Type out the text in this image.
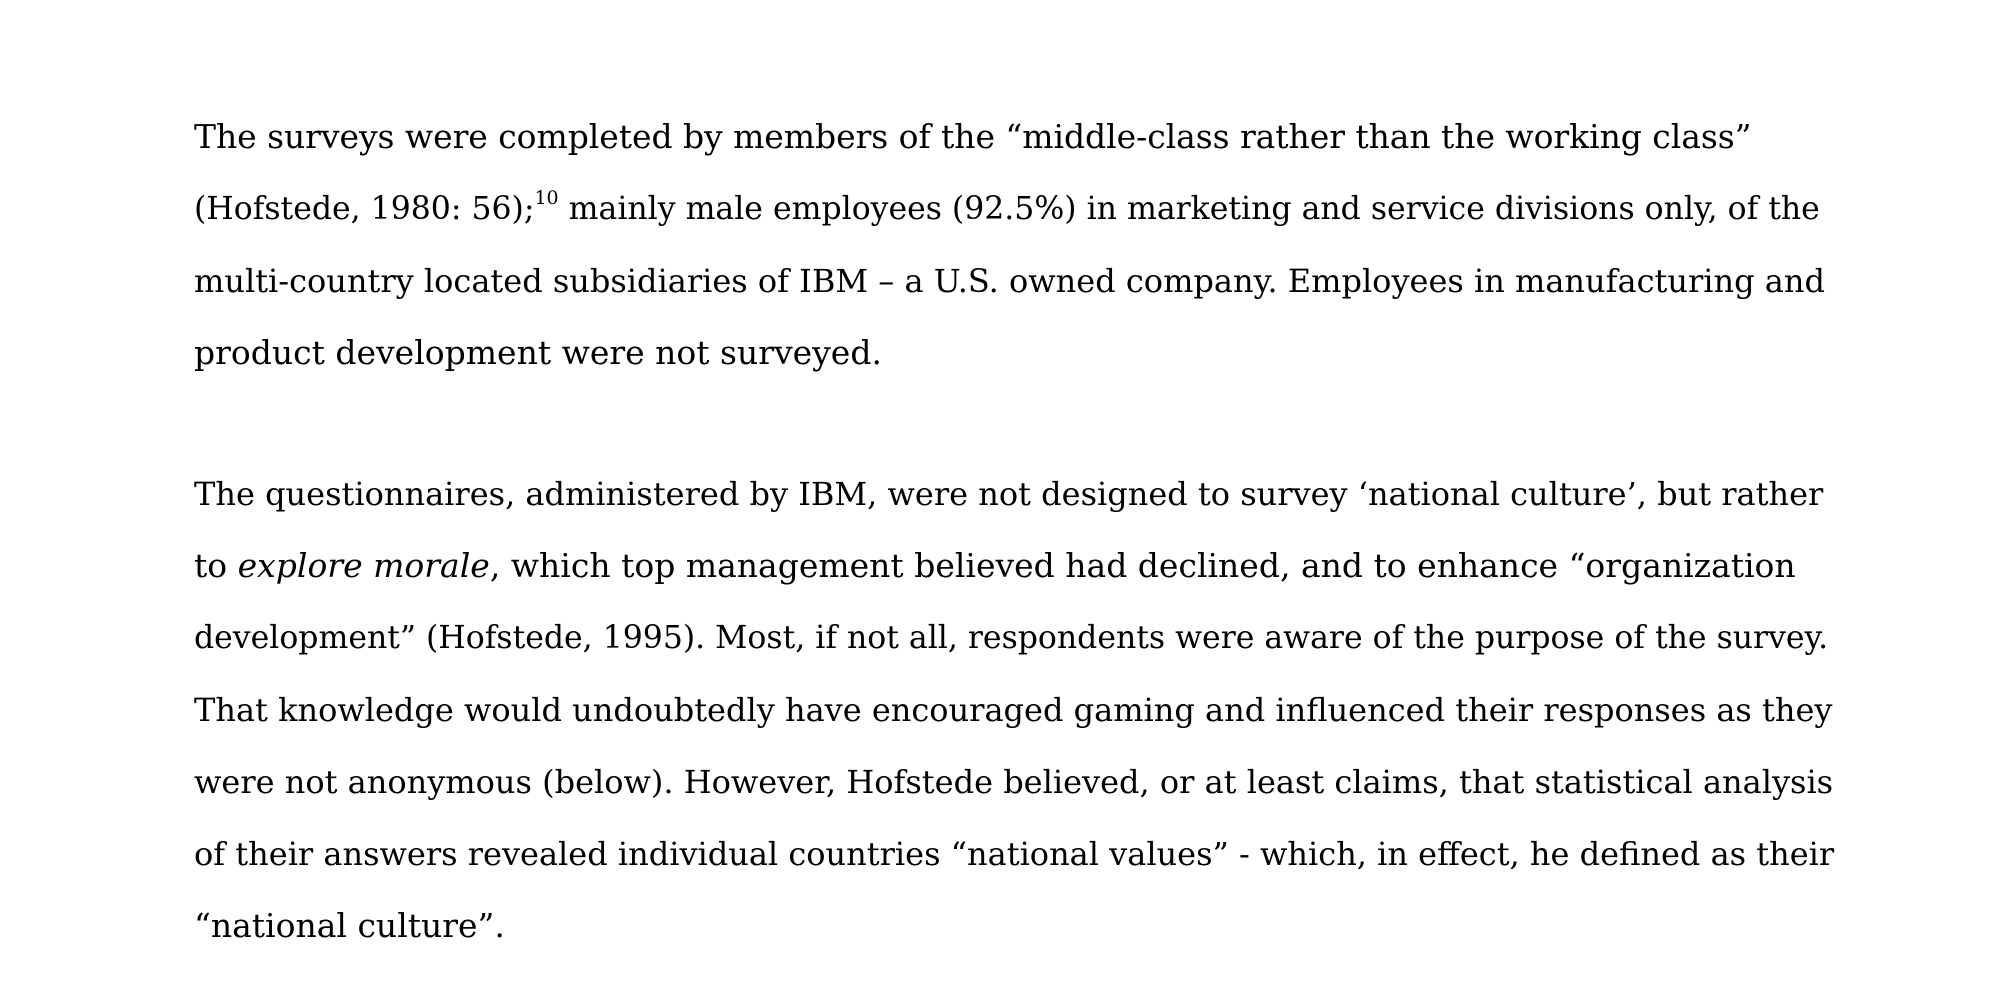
The surveys were completed by members of the “middle-class rather than the working class”
(Hofstede, 1980: 56);$^{10}$ mainly male employees (92.5%) in marketing and service divisions only, of the
multi-country located subsidiaries of IBM – a U.S. owned company. Employees in manufacturing and
product development were not surveyed.
The questionnaires, administered by IBM, were not designed to survey ‘national culture’, but rather
to explore morale, which top management believed had declined, and to enhance “organization
development” (Hofstede, 1995). Most, if not all, respondents were aware of the purpose of the survey.
That knowledge would undoubtedly have encouraged gaming and influenced their responses as they
were not anonymous (below). However, Hofstede believed, or at least claims, that statistical analysis
of their answers revealed individual countries “national values” - which, in effect, he defined as their
“national culture”.
